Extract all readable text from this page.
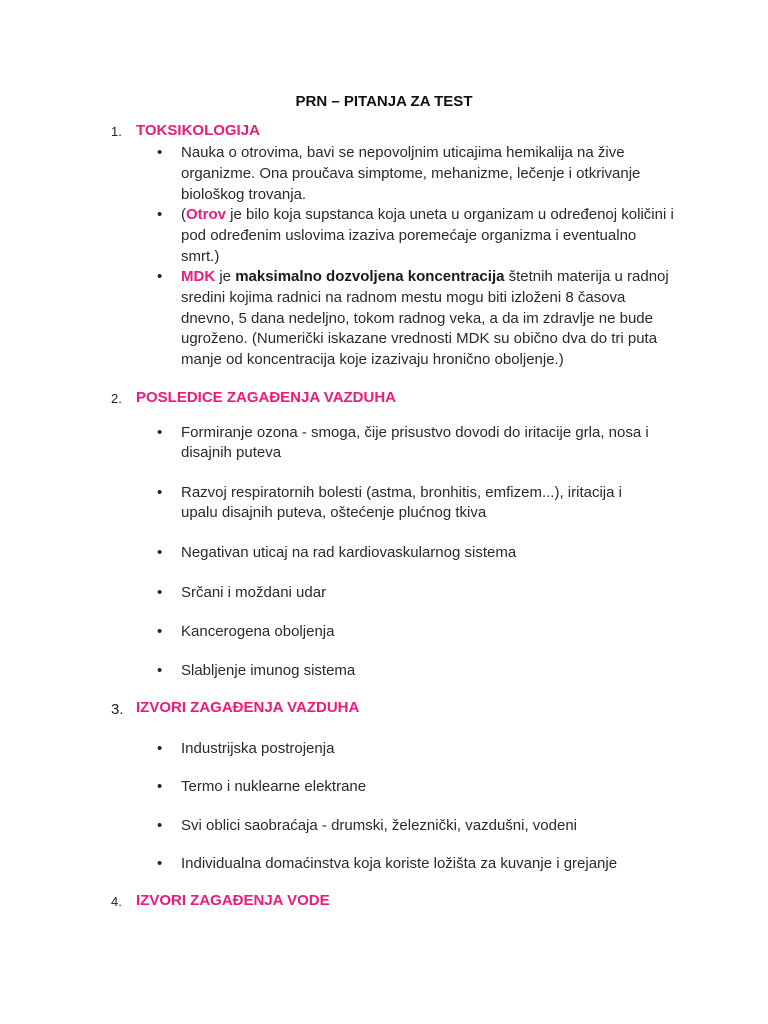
PRN – PITANJA ZA TEST
1. TOKSIKOLOGIJA
• Nauka o otrovima, bavi se nepovoljnim uticajima hemikalija na žive
organizme. Ona proučava simptome, mehanizme, lečenje i otkrivanje
biološkog trovanja.
• (Otrov je bilo koja supstanca koja uneta u organizam u određenoj količini i
pod određenim uslovima izaziva poremećaje organizma i eventualno
smrt.)
• MDK je maksimalno dozvoljena koncentracija štetnih materija u radnoj
sredini kojima radnici na radnom mestu mogu biti izloženi 8 časova
dnevno, 5 dana nedeljno, tokom radnog veka, a da im zdravlje ne bude
ugroženo. (Numerički iskazane vrednosti MDK su obično dva do tri puta
manje od koncentracija koje izazivaju hronično oboljenje.)
2. POSLEDICE ZAGAĐENJA VAZDUHA
• Formiranje ozona - smoga, čije prisustvo dovodi do iritacije grla, nosa i
disajnih puteva
• Razvoj respiratornih bolesti (astma, bronhitis, emfizem...), iritacija i
upalu disajnih puteva, oštećenje plućnog tkiva
• Negativan uticaj na rad kardiovaskularnog sistema
• Srčani i moždani udar
• Kancerogena oboljenja
• Slabljenje imunog sistema
3. IZVORI ZAGAĐENJA VAZDUHA
• Industrijska postrojenja
• Termo i nuklearne elektrane
• Svi oblici saobraćaja - drumski, železnički, vazdušni, vodeni
• Individualna domaćinstva koja koriste ložišta za kuvanje i grejanje
4. IZVORI ZAGAĐENJA VODE
